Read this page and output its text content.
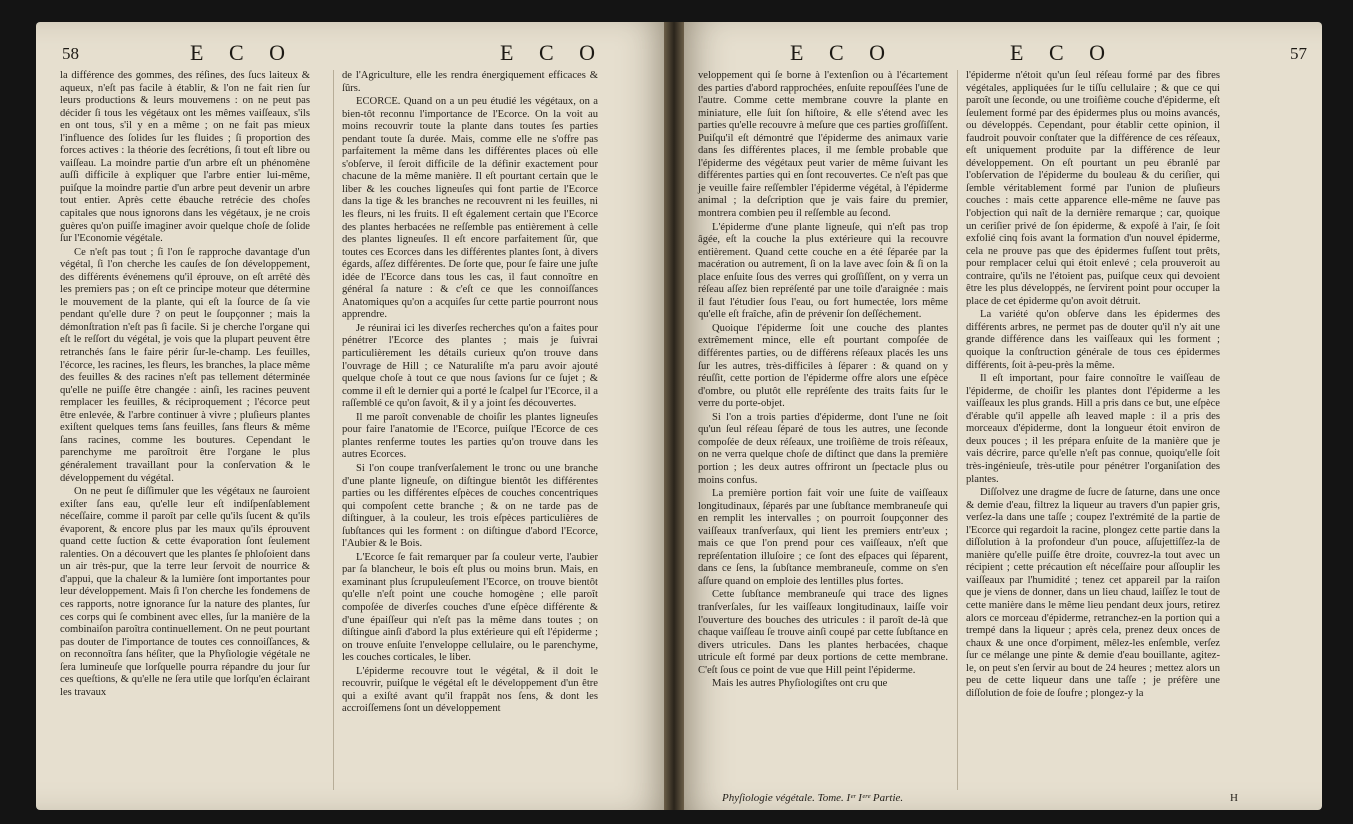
58	E C O	E C O

la différence des gommes, des réſines, des ſucs laiteux & aqueux, n'eſt pas facile à établir, & l'on ne fait rien ſur leurs productions & leurs mouvemens : on ne peut pas décider ſi tous les végétaux ont les mêmes vaiſſeaux, s'ils en ont tous, s'il y en a même ; on ne fait pas mieux l'influence des ſolides ſur les fluides ; ſi proportion des forces actives : la théorie des ſecrétions, ſi tout eſt libre ou vaiſſeau. La moindre partie d'un arbre eſt un phénomène auſſi difficile à expliquer que l'arbre entier lui-même, puiſque la moindre partie d'un arbre peut devenir un arbre tout entier. Après cette ébauche retrécie des choſes capitales que nous ignorons dans les végétaux, je ne crois guères qu'on puiſſe imaginer avoir quelque choſe de ſolide ſur l'Economie végétale.

Ce n'eſt pas tout ; ſi l'on ſe rapproche davantage d'un végétal, ſi l'on cherche les cauſes de ſon développement, des différents événemens qu'il éprouve, on eſt arrêté dès les premiers pas ; on eſt ce principe moteur que détermine le mouvement de la plante, qui eſt la ſource de ſa vie pendant qu'elle dure ? on peut le ſoupçonner ; mais la démonſtration n'eſt pas ſi facile. Si je cherche l'organe qui eſt le reſſort du végétal, je vois que la plupart peuvent être retranchés ſans le faire périr ſur-le-champ. Les feuilles, l'écorce, les racines, les fleurs, les branches, la place même des feuilles & des racines n'eſt pas tellement déterminée qu'elle ne puiſſe être changée : ainſi, les racines peuvent remplacer les feuilles, & réciproquement ; l'écorce peut être enlevée, & l'arbre continuer à vivre ; pluſieurs plantes exiſtent quelques tems ſans feuilles, ſans fleurs & même ſans racines, comme les boutures. Cependant le parenchyme me paroîtroit être l'organe le plus généralement travaillant pour la conſervation & le développement du végétal.

On ne peut ſe diſſimuler que les végétaux ne ſauroient exiſter ſans eau, qu'elle leur eſt indiſpenſablement néceſſaire, comme il paroît par celle qu'ils ſucent & qu'ils évaporent, & encore plus par les maux qu'ils éprouvent quand cette ſuction & cette évaporation ſont ſeulement ralenties. On a découvert que les plantes ſe phloſoient dans un air très-pur, que la terre leur ſervoit de nourrice & d'appui, que la chaleur & la lumière ſont importantes pour leur développement. Mais ſi l'on cherche les fondemens de ces rapports, notre ignorance ſur la nature des plantes, ſur ces corps qui ſe combinent avec elles, ſur la manière de la combinaiſon paroîtra continuellement. On ne peut pourtant pas douter de l'importance de toutes ces connoiſſances, & on reconnoîtra ſans héſiter, que la Phyſiologie végétale ne ſera lumineuſe que lorſquelle pourra répandre du jour ſur ces queſtions, & qu'elle ne ſera utile que lorſqu'en éclairant les travaux

de l'Agriculture, elle les rendra énergiquement efficaces & ſûrs.

ECORCE. Quand on a un peu étudié les végétaux, on a bien-tôt reconnu l'importance de l'Ecorce. On la voit au moins recouvrir toute la plante dans toutes ſes parties pendant toute ſa durée. Mais, comme elle ne s'offre pas parfaitement la même dans les différentes places où elle s'obſerve, il ſeroit difficile de la définir exactement pour chacune de la même manière. Il eſt pourtant certain que le liber & les couches ligneuſes qui font partie de l'Ecorce dans la tige & les branches ne recouvrent ni les feuilles, ni les fleurs, ni les fruits. Il eſt également certain que l'Ecorce des plantes herbacées ne reſſemble pas entièrement à celle des plantes ligneuſes. Il eſt encore parfaitement ſûr, que toutes ces Ecorces dans les différentes plantes ſont, à divers égards, aſſez différentes. De ſorte que, pour ſe faire une juſte idée de l'Ecorce dans tous les cas, il faut connoître en général ſa nature : & c'eſt ce que les connoiſſances Anatomiques qu'on a acquiſes ſur cette partie pourront nous apprendre.

Je réunirai ici les diverſes recherches qu'on a faites pour pénétrer l'Ecorce des plantes ; mais je ſuivrai particulièrement les détails curieux qu'on trouve dans l'ouvrage de Hill ; ce Naturaliſte m'a paru avoir ajouté quelque choſe à tout ce que nous ſavions ſur ce ſujet ; & comme il eſt le dernier qui a porté le ſcalpel ſur l'Ecorce, il a raſſemblé ce qu'on ſavoit, & il y a joint ſes découvertes.

Il me paroît convenable de choiſir les plantes ligneuſes pour faire l'anatomie de l'Ecorce, puiſque l'Ecorce de ces plantes renferme toutes les parties qu'on trouve dans les autres Ecorces.

Si l'on coupe tranſverſalement le tronc ou une branche d'une plante ligneuſe, on diſtingue bientôt les différentes parties ou les différentes eſpèces de couches concentriques qui compoſent cette branche ; & on ne tarde pas de diſtinguer, à la couleur, les trois eſpèces particulières de ſubſtances qui les forment : on diſtingue d'abord l'Ecorce, l'Aubier & le Bois.

L'Ecorce ſe fait remarquer par ſa couleur verte, l'aubier par ſa blancheur, le bois eſt plus ou moins brun. Mais, en examinant plus ſcrupuleuſement l'Ecorce, on trouve bientôt qu'elle n'eſt point une couche homogène ; elle paroît compoſée de diverſes couches d'une eſpèce différente & d'une épaiſſeur qui n'eſt pas la même dans toutes ; on diſtingue ainſi d'abord la plus extérieure qui eſt l'épiderme ; on trouve enſuite l'enveloppe cellulaire, ou le parenchyme, les couches corticales, le liber.

L'épiderme recouvre tout le végétal, & il doit le recouvrir, puiſque le végétal eſt le développement d'un être qui a exiſté avant qu'il frappât nos ſens, & dont les accroiſſemens ſont un développement

E C O	E C O	57

veloppement qui ſe borne à l'extenſion ou à l'écartement des parties d'abord rapprochées, enſuite repouſſées l'une de l'autre. Comme cette membrane couvre la plante en miniature, elle ſuit ſon hiſtoire, & elle s'étend avec les parties qu'elle recouvre à meſure que ces parties groſſiſſent. Puiſqu'il eſt démontré que l'épiderme des animaux varie dans ſes différentes places, il me ſemble probable que l'épiderme des végétaux peut varier de même ſuivant les différentes parties qui en ſont recouvertes. Ce n'eſt pas que je veuille faire reſſembler l'épiderme végétal, à l'épiderme animal ; la deſcription que je vais faire du premier, montrera combien peu il reſſemble au ſecond.

L'épiderme d'une plante ligneuſe, qui n'eſt pas trop âgée, eſt la couche la plus extérieure qui la recouvre entièrement. Quand cette couche en a été ſéparée par la macération ou autrement, ſi on la lave avec ſoin & ſi on la place enſuite ſous des verres qui groſſiſſent, on y verra un réſeau aſſez bien repréſenté par une toile d'araignée : mais il faut l'étudier ſous l'eau, ou fort humectée, lors même qu'elle eſt fraîche, afin de prévenir ſon deſſéchement.

Quoique l'épiderme ſoit une couche des plantes extrêmement mince, elle eſt pourtant compoſée de différentes parties, ou de différens réſeaux placés les uns ſur les autres, très-difficiles à ſéparer : & quand on y réuſſit, cette portion de l'épiderme offre alors une eſpèce d'ombre, ou plutôt elle repréſente des traits faits ſur le verre du porte-objet.

Si l'on a trois parties d'épiderme, dont l'une ne ſoit qu'un ſeul réſeau ſéparé de tous les autres, une ſeconde compoſée de deux réſeaux, une troiſième de trois réſeaux, on ne verra quelque choſe de diſtinct que dans la première portion ; les deux autres offriront un ſpectacle plus ou moins confus.

La première portion fait voir une ſuite de vaiſſeaux longitudinaux, ſéparés par une ſubſtance membraneuſe qui en remplit les intervalles ; on pourroit ſoupçonner des vaiſſeaux tranſverſaux, qui lient les premiers entr'eux ; mais ce que l'on prend pour ces vaiſſeaux, n'eſt que repréſentation illuſoire ; ce ſont des eſpaces qui ſéparent, dans ce ſens, la ſubſtance membraneuſe, comme on s'en aſſure quand on emploie des lentilles plus fortes.

Cette ſubſtance membraneuſe qui trace des lignes tranſverſales, ſur les vaiſſeaux longitudinaux, laiſſe voir l'ouverture des bouches des utricules : il paroît de-là que chaque vaiſſeau ſe trouve ainſi coupé par cette ſubſtance en divers utricules. Dans les plantes herbacées, chaque utricule eſt formé par deux portions de cette membrane. C'eſt ſous ce point de vue que Hill peint l'épiderme.

Mais les autres Phyſiologiſtes ont cru que

l'épiderme n'étoit qu'un ſeul réſeau formé par des fibres végétales, appliquées ſur le tiſſu cellulaire ; & que ce qui paroît une ſeconde, ou une troiſième couche d'épiderme, eſt ſeulement formé par des épidermes plus ou moins avancés, ou développés. Cependant, pour établir cette opinion, il faudroit pouvoir conſtater que la différence de ces réſeaux, eſt uniquement produite par la différence de leur développement. On eſt pourtant un peu ébranlé par l'obſervation de l'épiderme du bouleau & du ceriſier, qui ſemble véritablement formé par l'union de pluſieurs couches : mais cette apparence elle-même ne ſauve pas l'objection qui naît de la dernière remarque ; car, quoique un ceriſier privé de ſon épiderme, & expoſé à l'air, ſe ſoit exfolié cinq fois avant la formation d'un nouvel épiderme, cela ne prouve pas que des épidermes fuſſent tout prêts, pour remplacer celui qui étoit enlevé ; cela prouveroit au contraire, qu'ils ne l'étoient pas, puiſque ceux qui devoient être les plus développés, ne ſervirent point pour occuper la place de cet épiderme qu'on avoit détruit.

La variété qu'on obſerve dans les épidermes des différents arbres, ne permet pas de douter qu'il n'y ait une grande différence dans les vaiſſeaux qui les forment ; quoique la conſtruction générale de tous ces épidermes différents, ſoit à-peu-près la même.

Il eſt important, pour faire connoître le vaiſſeau de l'épiderme, de choiſir les plantes dont l'épiderme a les vaiſſeaux les plus grands. Hill a pris dans ce but, une eſpèce d'érable qu'il appelle aſh leaved maple : il a pris des morceaux d'épiderme, dont la longueur étoit environ de deux pouces ; il les prépara enſuite de la manière que je vais décrire, parce qu'elle n'eſt pas connue, quoiqu'elle ſoit très-ingénieuſe, très-utile pour pénétrer l'organiſation des plantes.

Diſſolvez une dragme de ſucre de ſaturne, dans une once & demie d'eau, filtrez la liqueur au travers d'un papier gris, verſez-la dans une taſſe ; coupez l'extrémité de la partie de l'Ecorce qui regardoit la racine, plongez cette partie dans la diſſolution à la profondeur d'un pouce, aſſujettiſſez-la de manière qu'elle puiſſe être droite, couvrez-la tout avec un récipient ; cette précaution eſt néceſſaire pour aſſouplir les vaiſſeaux par l'humidité ; tenez cet appareil par la raiſon que je viens de donner, dans un lieu chaud, laiſſez le tout de cette manière dans le même lieu pendant deux jours, retirez alors ce morceau d'épiderme, retranchez-en la portion qui a trempé dans la liqueur ; après cela, prenez deux onces de chaux & une once d'orpiment, mêlez-les enſemble, verſez ſur ce mélange une pinte & demie d'eau bouillante, agitez-le, on peut s'en ſervir au bout de 24 heures ; mettez alors un peu de cette liqueur dans une taſſe ; je préfère une diſſolution de foie de ſoufre ; plongez-y la

Phyſiologie végétale. Tome. Iᵉʳ Iᵉʳᵉ Partie.	H
